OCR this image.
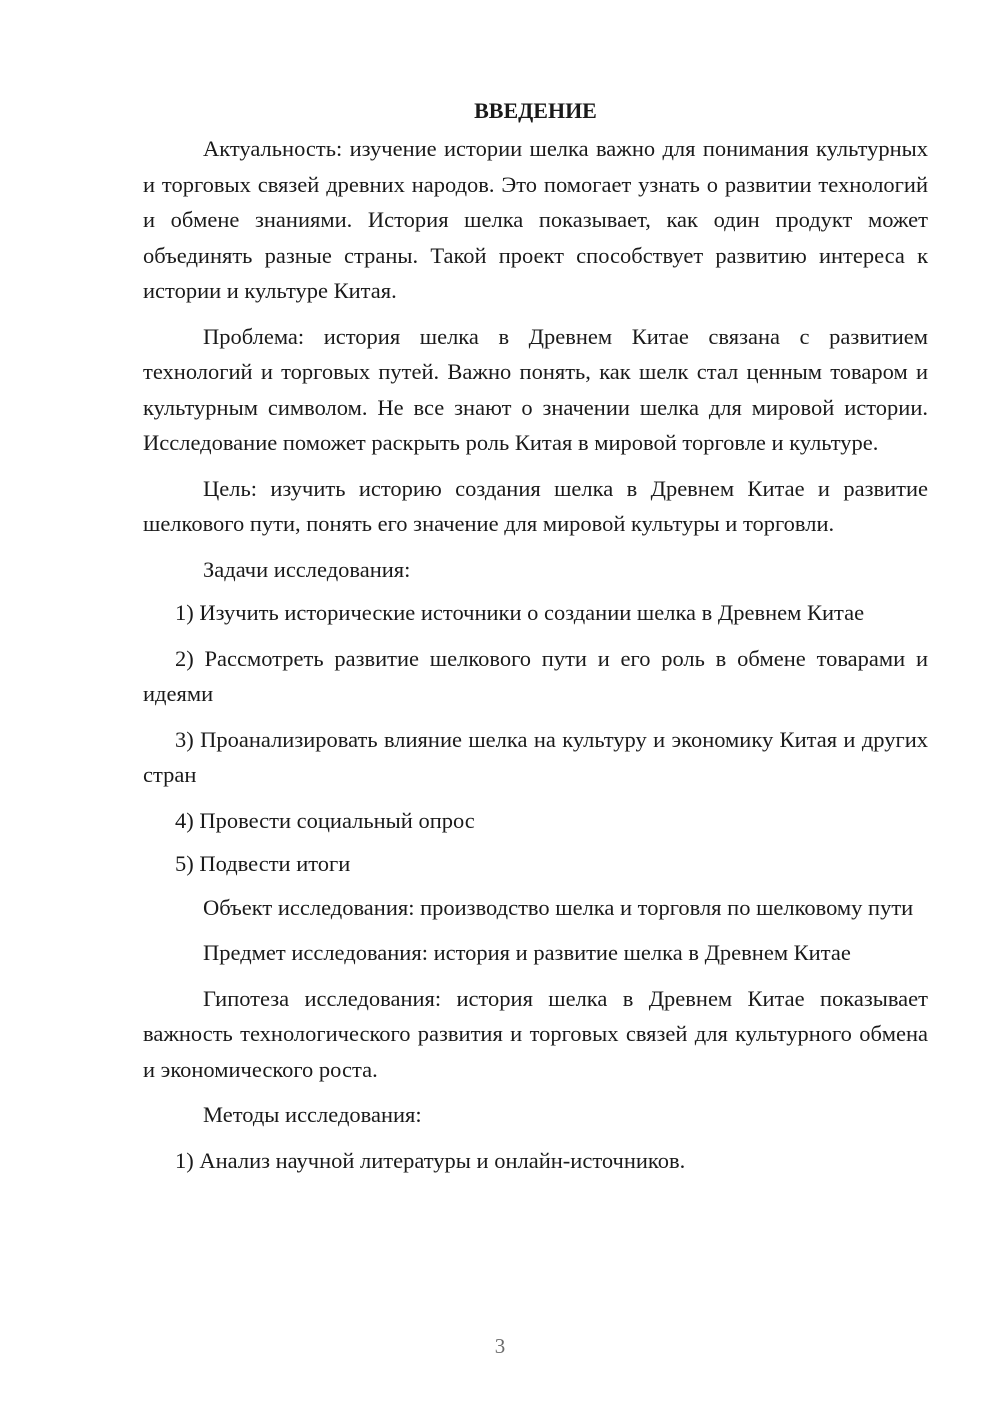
ВВЕДЕНИЕ

Актуальность: изучение истории шелка важно для понимания культурных и торговых связей древних народов. Это помогает узнать о развитии технологий и обмене знаниями. История шелка показывает, как один продукт может объединять разные страны. Такой проект способствует развитию интереса к истории и культуре Китая.

Проблема: история шелка в Древнем Китае связана с развитием технологий и торговых путей. Важно понять, как шелк стал ценным товаром и культурным символом. Не все знают о значении шелка для мировой истории. Исследование поможет раскрыть роль Китая в мировой торговле и культуре.

Цель: изучить историю создания шелка в Древнем Китае и развитие шелкового пути, понять его значение для мировой культуры и торговли.

Задачи исследования:

1) Изучить исторические источники о создании шелка в Древнем Китае

2) Рассмотреть развитие шелкового пути и его роль в обмене товарами и идеями

3) Проанализировать влияние шелка на культуру и экономику Китая и других стран

4) Провести социальный опрос

5) Подвести итоги

Объект исследования: производство шелка и торговля по шелковому пути

Предмет исследования: история и развитие шелка в Древнем Китае

Гипотеза исследования: история шелка в Древнем Китае показывает важность технологического развития и торговых связей для культурного обмена и экономического роста.

Методы исследования:

1) Анализ научной литературы и онлайн-источников.

3
